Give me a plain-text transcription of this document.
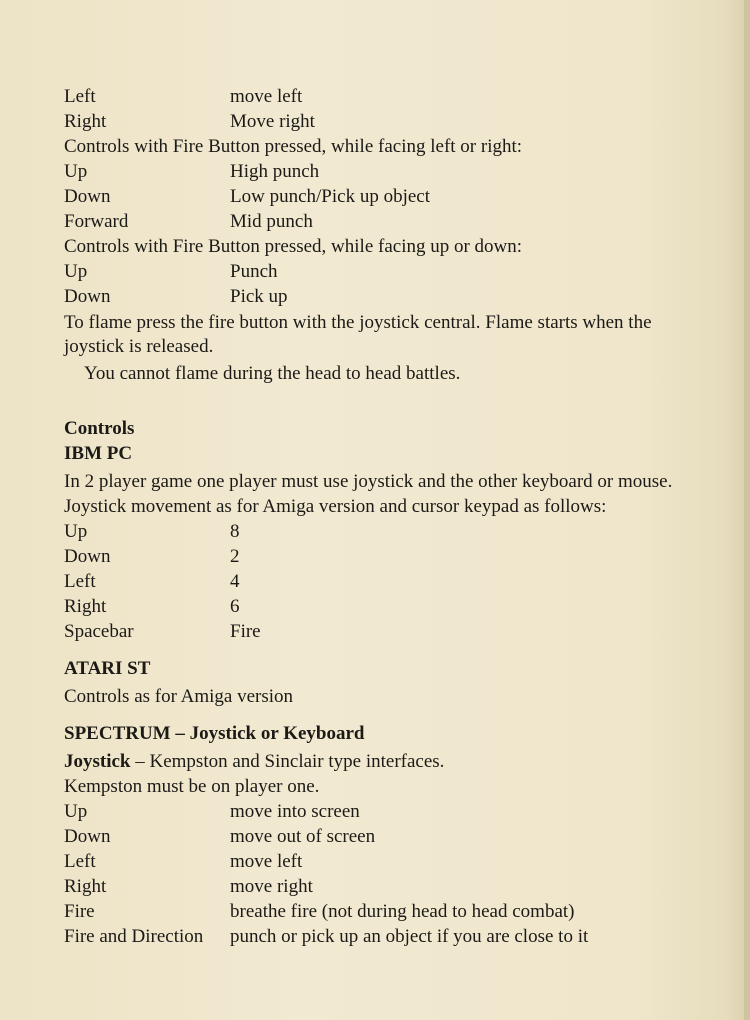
Left	move left
Right	Move right
Controls with Fire Button pressed, while facing left or right:
Up	High punch
Down	Low punch/Pick up object
Forward	Mid punch
Controls with Fire Button pressed, while facing up or down:
Up	Punch
Down	Pick up
To flame press the fire button with the joystick central. Flame starts when the joystick is released.
You cannot flame during the head to head battles.
Controls
IBM PC
In 2 player game one player must use joystick and the other keyboard or mouse.
Joystick movement as for Amiga version and cursor keypad as follows:
Up	8
Down	2
Left	4
Right	6
Spacebar	Fire
ATARI ST
Controls as for Amiga version
SPECTRUM – Joystick or Keyboard
Joystick – Kempston and Sinclair type interfaces.
Kempston must be on player one.
Up	move into screen
Down	move out of screen
Left	move left
Right	move right
Fire	breathe fire (not during head to head combat)
Fire and Direction	punch or pick up an object if you are close to it
